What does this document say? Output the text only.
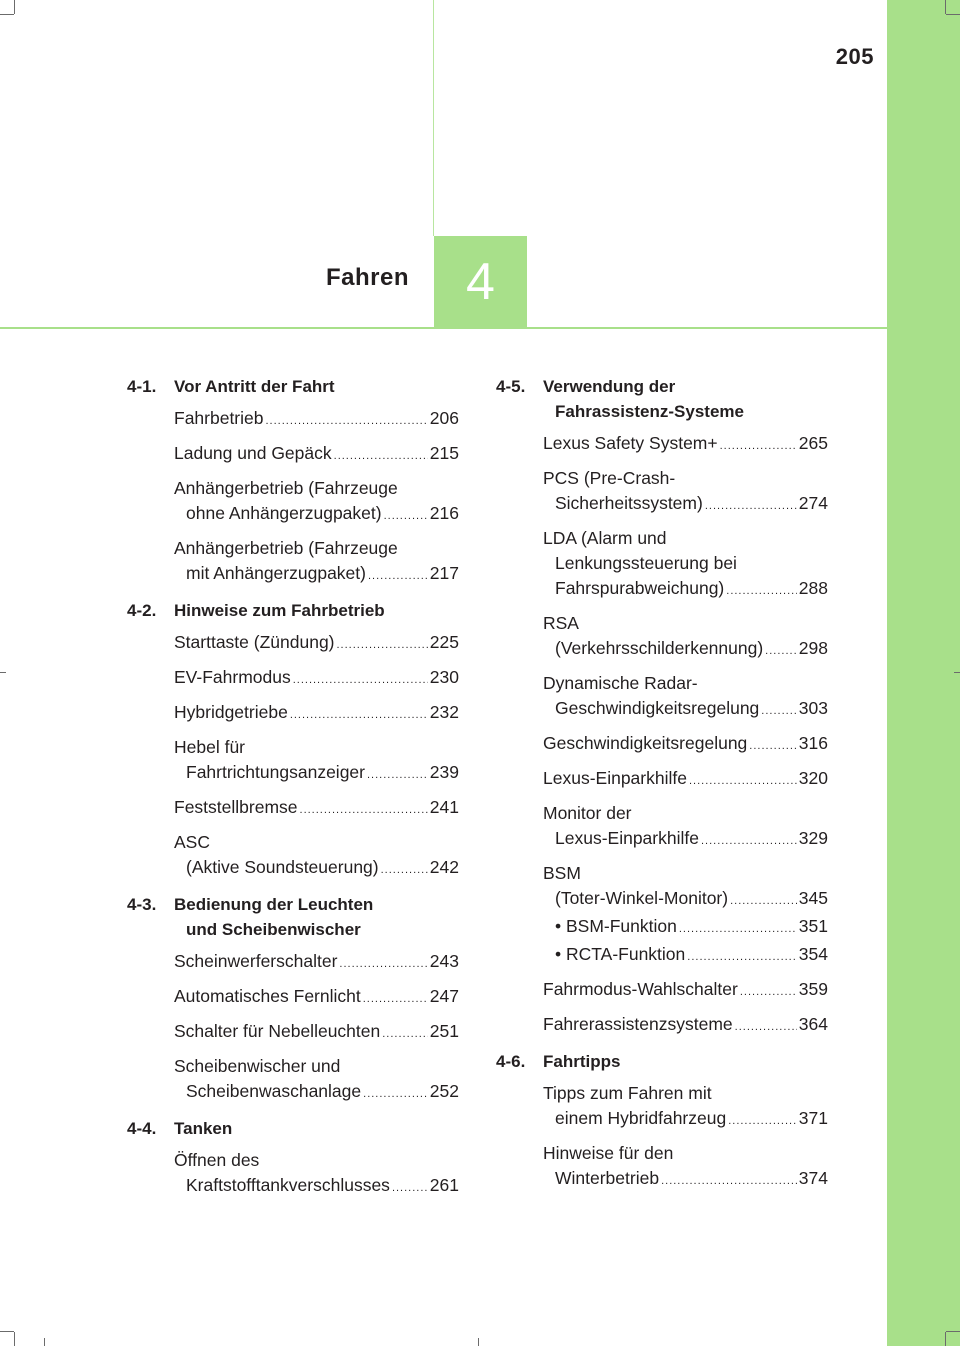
205
Fahren 4
4-1.	Vor Antritt der Fahrt
Fahrbetrieb .....	206
Ladung und Gepäck .....	215
Anhängerbetrieb (Fahrzeuge
ohne Anhängerzugpaket) .....	216
Anhängerbetrieb (Fahrzeuge
mit Anhängerzugpaket) .....	217
4-2.	Hinweise zum Fahrbetrieb
Starttaste (Zündung) .....	225
EV-Fahrmodus .....	230
Hybridgetriebe .....	232
Hebel für
Fahrtrichtungsanzeiger .....	239
Feststellbremse .....	241
ASC
(Aktive Soundsteuerung) .....	242
4-3.	Bedienung der Leuchten
und Scheibenwischer
Scheinwerferschalter .....	243
Automatisches Fernlicht .....	247
Schalter für Nebelleuchten .....	251
Scheibenwischer und
Scheibenwaschanlage .....	252
4-4.	Tanken
Öffnen des
Kraftstofftankverschlusses ..... 261
4-5.	Verwendung der
Fahrassistenz-Systeme
Lexus Safety System+ .....	265
PCS (Pre-Crash-
Sicherheitssystem) .....	274
LDA (Alarm und
Lenkungssteuerung bei
Fahrspurabweichung) .....	288
RSA
(Verkehrsschilderkennung) ..... 298
Dynamische Radar-
Geschwindigkeitsregelung ..... 303
Geschwindigkeitsregelung .....	316
Lexus-Einparkhilfe .....	320
Monitor der
Lexus-Einparkhilfe .....	329
BSM
(Toter-Winkel-Monitor) .....	345
• BSM-Funktion .....	351
• RCTA-Funktion .....	354
Fahrmodus-Wahlschalter .....	359
Fahrerassistenzsysteme .....	364
4-6.	Fahrtipps
Tipps zum Fahren mit
einem Hybridfahrzeug .....	371
Hinweise für den
Winterbetrieb .....	374
